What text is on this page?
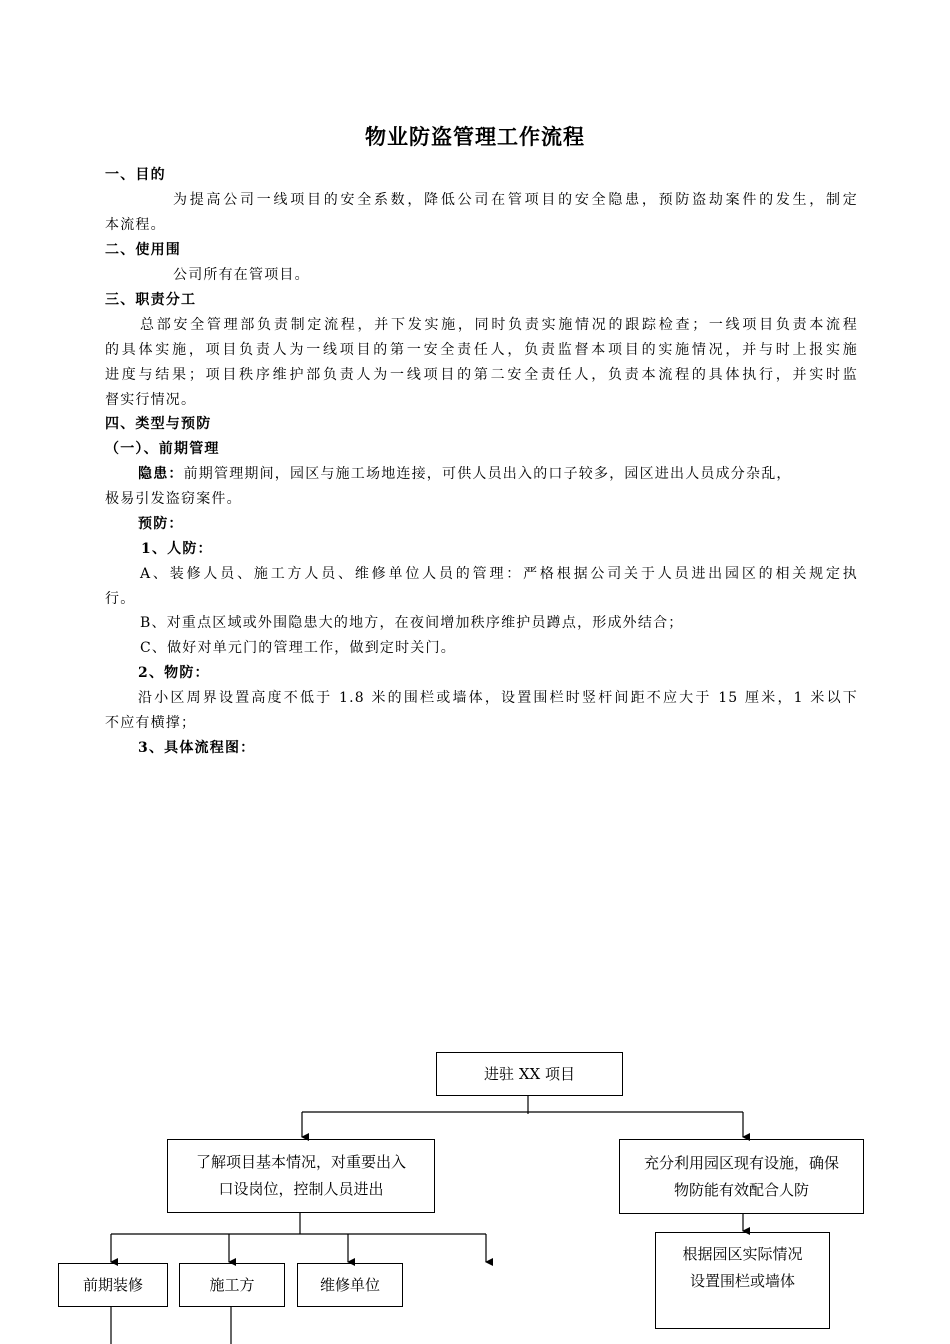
物业防盗管理工作流程
一、目的
为提高公司一线项目的安全系数，降低公司在管项目的安全隐患，预防盗劫案件的发生，制定
本流程。
二、使用围
公司所有在管项目。
三、职责分工
总部安全管理部负责制定流程，并下发实施，同时负责实施情况的跟踪检查；一线项目负责本流程
的具体实施，项目负责人为一线项目的第一安全责任人，负责监督本项目的实施情况，并与时上报实施
进度与结果；项目秩序维护部负责人为一线项目的第二安全责任人，负责本流程的具体执行，并实时监
督实行情况。
四、类型与预防
（一）、前期管理
隐患：前期管理期间，园区与施工场地连接，可供人员出入的口子较多，园区进出人员成分杂乱，
极易引发盗窃案件。
预防：
1、人防：
A、装修人员、施工方人员、维修单位人员的管理：严格根据公司关于人员进出园区的相关规定执
行。
B、对重点区域或外围隐患大的地方，在夜间增加秩序维护员蹲点，形成外结合；
C、做好对单元门的管理工作，做到定时关门。
2、物防：
沿小区周界设置高度不低于 1.8 米的围栏或墙体，设置围栏时竖杆间距不应大于 15 厘米，1 米以下
不应有横撑；
3、具体流程图：
进驻 XX 项目
了解项目基本情况，对重要出入
口设岗位，控制人员进出
充分利用园区现有设施，确保
物防能有效配合人防
根据园区实际情况
设置围栏或墙体
前期装修	施工方	维修单位
